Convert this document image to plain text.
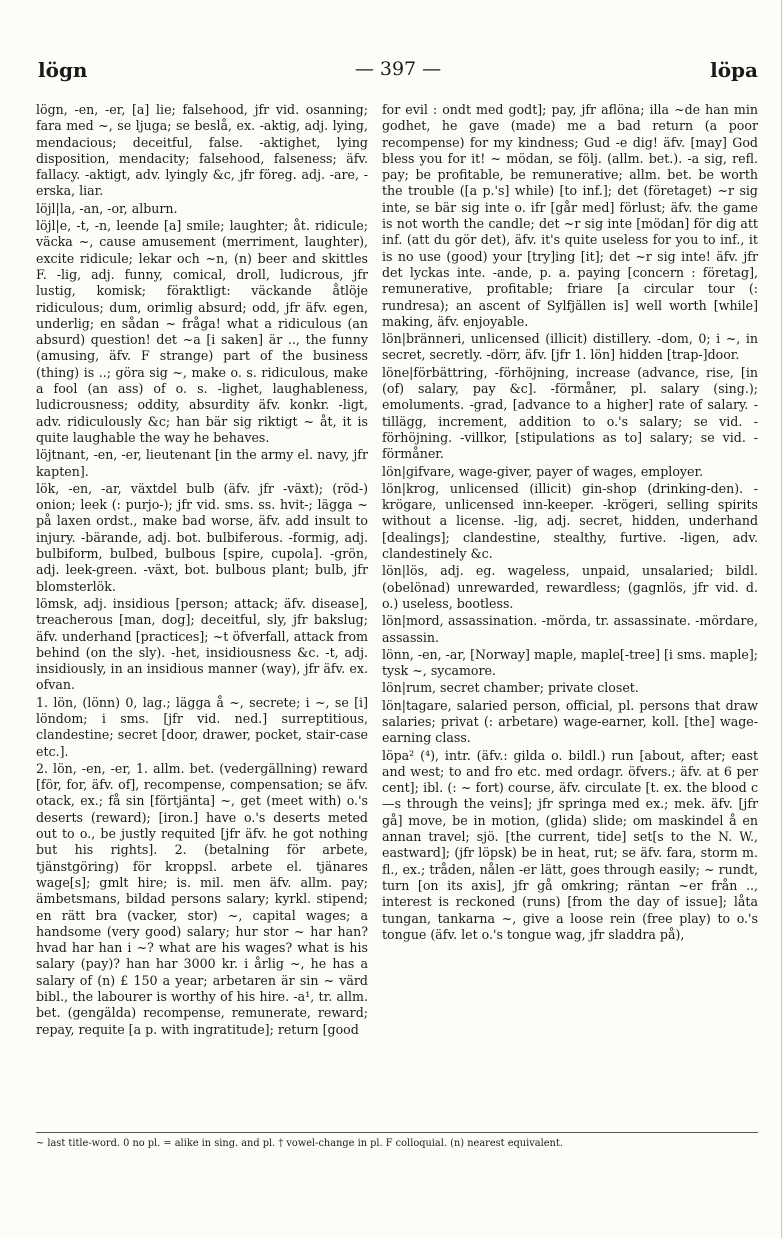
lögn	— 397 —	löpa

lögn, -en, -er, [a] lie; falsehood, jfr vid. osanning; fara med ~, se ljuga; se beslå, ex. -aktig, adj. lying, mendacious; deceitful, false. -aktighet, lying disposition, mendacity; falsehood, falseness; äfv. fallacy. -aktigt, adv. lyingly &c, jfr föreg. adj. -are, -erska, liar.

löjl|la, -an, -or, alburn.

löjl|e, -t, -n, leende [a] smile; laughter; åt. ridicule; väcka ~, cause amusement (merriment, laughter), excite ridicule; lekar och ~n, (n) beer and skittles F. -lig, adj. funny, comical, droll, ludicrous, jfr lustig, komisk; föraktligt: väckande åtlöje ridiculous; dum, orimlig absurd; odd, jfr äfv. egen, underlig; en sådan ~ fråga! what a ridiculous (an absurd) question! det ~a [i saken] är .., the funny (amusing, äfv. F strange) part of the business (thing) is ..; göra sig ~, make o. s. ridiculous, make a fool (an ass) of o. s. -lighet, laughableness, ludicrousness; oddity, absurdity äfv. konkr. -ligt, adv. ridiculously &c; han bär sig riktigt ~ åt, it is quite laughable the way he behaves.

löjtnant, -en, -er, lieutenant [in the army el. navy, jfr kapten].

lök, -en, -ar, växtdel bulb (äfv. jfr -växt); (röd-) onion; leek (: purjo-); jfr vid. sms. ss. hvit-; lägga ~ på laxen ordst., make bad worse, äfv. add insult to injury. -bärande, adj. bot. bulbiferous. -formig, adj. bulbiform, bulbed, bulbous [spire, cupola]. -grön, adj. leek-green. -växt, bot. bulbous plant; bulb, jfr blomsterlök.

lömsk, adj. insidious [person; attack; äfv. disease], treacherous [man, dog]; deceitful, sly, jfr bakslug; äfv. underhand [practices]; ~t öfverfall, attack from behind (on the sly). -het, insidiousness &c. -t, adj. insidiously, in an insidious manner (way), jfr äfv. ex. ofvan.

1. lön, (lönn) 0, lag.; lägga å ~, secrete; i ~, se [i] löndom; i sms. [jfr vid. ned.] surreptitious, clandestine; secret [door, drawer, pocket, stair-case etc.].

2. lön, -en, -er, 1. allm. bet. (vedergällning) reward [för, for, äfv. of], recompense, compensation; se äfv. otack, ex.; få sin [förtjänta] ~, get (meet with) o.'s deserts (reward); [iron.] have o.'s deserts meted out to o., be justly requited [jfr äfv. he got nothing but his rights]. 2. (betalning för arbete, tjänstgöring) för kroppsl. arbete el. tjänares wage[s]; gmlt hire; is. mil. men äfv. allm. pay; ämbetsmans, bildad persons salary; kyrkl. stipend; en rätt bra (vacker, stor) ~, capital wages; a handsome (very good) salary; hur stor ~ har han? hvad har han i ~? what are his wages? what is his salary (pay)? han har 3000 kr. i årlig ~, he has a salary of (n) £ 150 a year; arbetaren är sin ~ värd bibl., the labourer is worthy of his hire. -a¹, tr. allm. bet. (gengälda) recompense, remunerate, reward; repay, requite [a p. with ingratitude]; return [good

for evil : ondt med godt]; pay, jfr aflöna; illa ~de han min godhet, he gave (made) me a bad return (a poor recompense) for my kindness; Gud -e dig! äfv. [may] God bless you for it! ~ mödan, se följ. (allm. bet.). -a sig, refl. pay; be profitable, be remunerative; allm. bet. be worth the trouble ([a p.'s] while) [to inf.]; det (företaget) ~r sig inte, se bär sig inte o. ifr [går med] förlust; äfv. the game is not worth the candle; det ~r sig inte [mödan] för dig att inf. (att du gör det), äfv. it's quite useless for you to inf., it is no use (good) your [try]ing [it]; det ~r sig inte! äfv. jfr det lyckas inte. -ande, p. a. paying [concern : företag], remunerative, profitable; friare [a circular tour (: rundresa); an ascent of Sylfjällen is] well worth [while] making, äfv. enjoyable.

lön|bränneri, unlicensed (illicit) distillery. -dom, 0; i ~, in secret, secretly. -dörr, äfv. [jfr 1. lön] hidden [trap-]door.

löne|förbättring, -förhöjning, increase (advance, rise, [in (of) salary, pay &c]. -förmåner, pl. salary (sing.); emoluments. -grad, [advance to a higher] rate of salary. -tillägg, increment, addition to o.'s salary; se vid. -förhöjning. -villkor, [stipulations as to] salary; se vid. -förmåner.

lön|gifvare, wage-giver, payer of wages, employer.

lön|krog, unlicensed (illicit) gin-shop (drinking-den). -krögare, unlicensed inn-keeper. -krögeri, selling spirits without a license. -lig, adj. secret, hidden, underhand [dealings]; clandestine, stealthy, furtive. -ligen, adv. clandestinely &c.

lön|lös, adj. eg. wageless, unpaid, unsalaried; bildl. (obelönad) unrewarded, rewardless; (gagnlös, jfr vid. d. o.) useless, bootless.

lön|mord, assassination. -mörda, tr. assassinate. -mördare, assassin.

lönn, -en, -ar, [Norway] maple, maple[-tree] [i sms. maple]; tysk ~, sycamore.

lön|rum, secret chamber; private closet.

lön|tagare, salaried person, official, pl. persons that draw salaries; privat (: arbetare) wage-earner, koll. [the] wage-earning class.

löpa² (⁴), intr. (äfv.: gilda o. bildl.) run [about, after; east and west; to and fro etc. med ordagr. öfvers.; äfv. at 6 per cent]; ibl. (: ~ fort) course, äfv. circulate [t. ex. the blood c—s through the veins]; jfr springa med ex.; mek. äfv. [jfr gå] move, be in motion, (glida) slide; om maskindel å en annan travel; sjö. [the current, tide] set[s to the N. W., eastward]; (jfr löpsk) be in heat, rut; se äfv. fara, storm m. fl., ex.; tråden, nålen -er lätt, goes through easily; ~ rundt, turn [on its axis], jfr gå omkring; räntan ~er från .., interest is reckoned (runs) [from the day of issue]; låta tungan, tankarna ~, give a loose rein (free play) to o.'s tongue (äfv. let o.'s tongue wag, jfr sladdra på),

~ last title-word. 0 no pl. = alike in sing. and pl. † vowel-change in pl. F colloquial. (n) nearest equivalent.
